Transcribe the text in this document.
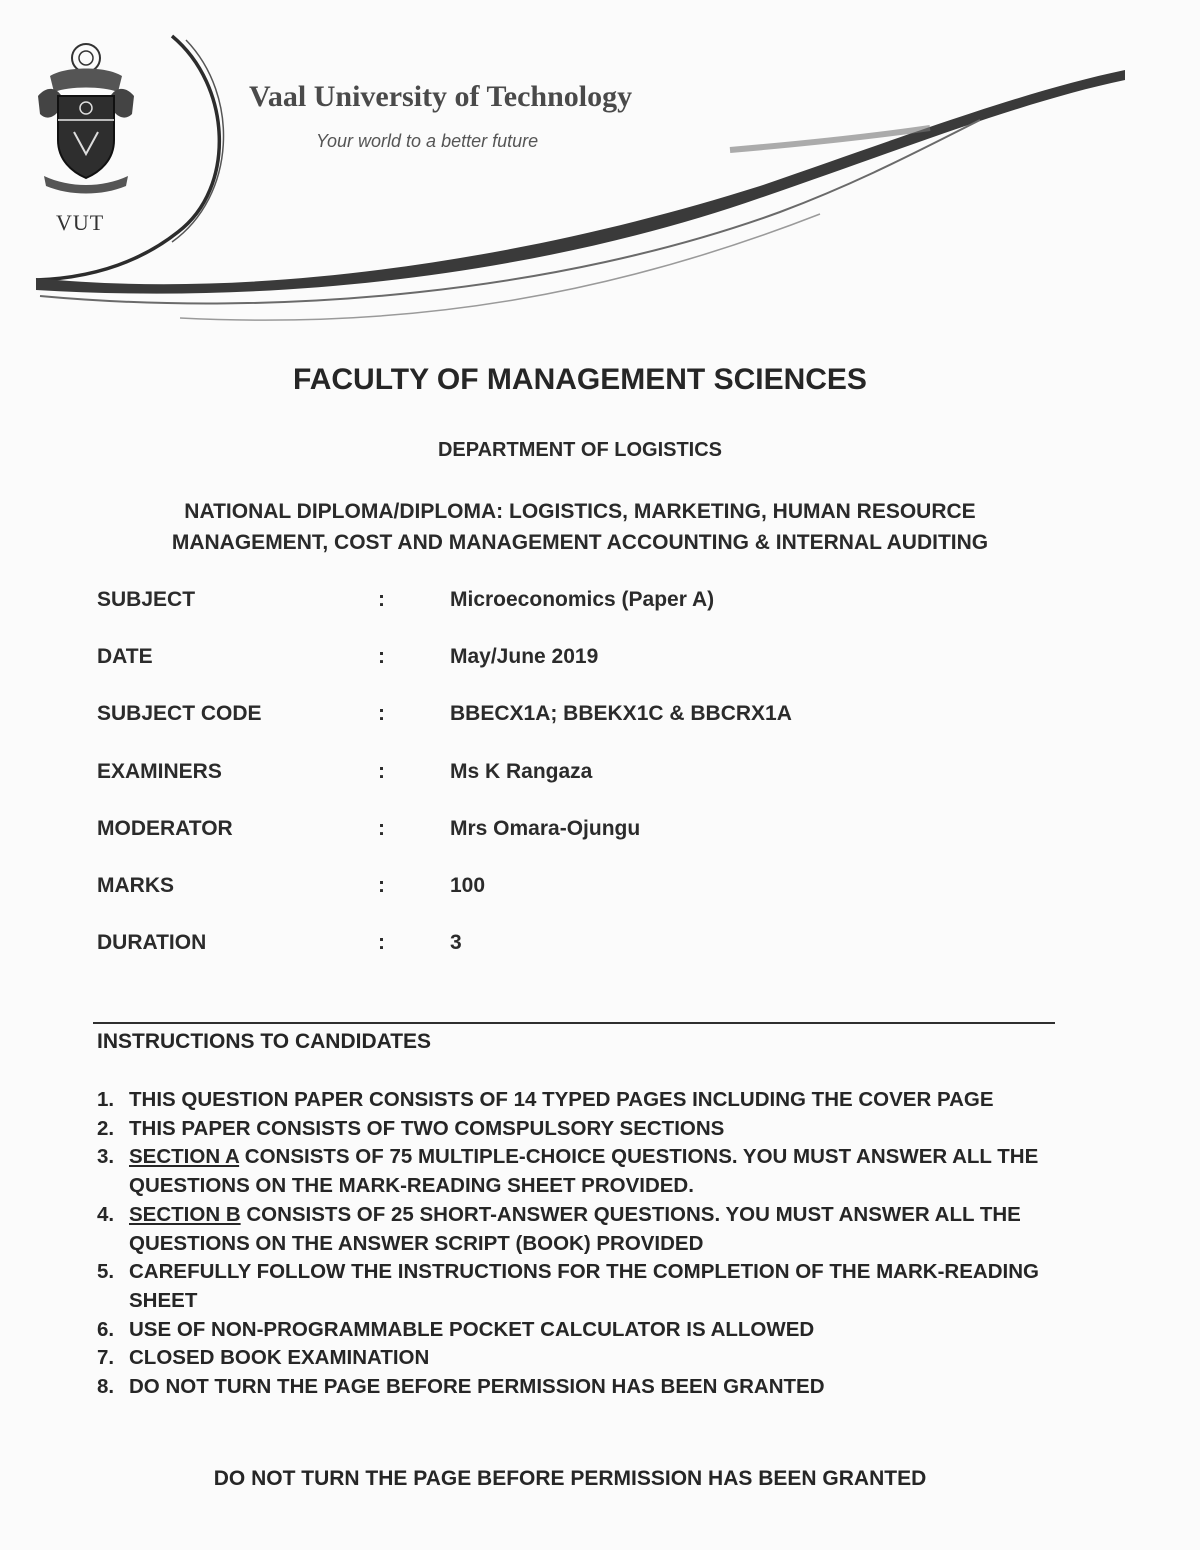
VUT
Vaal University of Technology
Your world to a better future
FACULTY OF MANAGEMENT SCIENCES
DEPARTMENT OF LOGISTICS
NATIONAL DIPLOMA/DIPLOMA: LOGISTICS, MARKETING, HUMAN RESOURCE
MANAGEMENT, COST AND MANAGEMENT ACCOUNTING & INTERNAL AUDITING
SUBJECT	:	Microeconomics (Paper A)
DATE	:	May/June 2019
SUBJECT CODE	:	BBECX1A; BBEKX1C & BBCRX1A
EXAMINERS	:	Ms K Rangaza
MODERATOR	:	Mrs Omara-Ojungu
MARKS	:	100
DURATION	:	3
INSTRUCTIONS TO CANDIDATES
1. THIS QUESTION PAPER CONSISTS OF 14 TYPED PAGES INCLUDING THE COVER PAGE
2. THIS PAPER CONSISTS OF TWO COMSPULSORY SECTIONS
3. SECTION A CONSISTS OF 75 MULTIPLE-CHOICE QUESTIONS. YOU MUST ANSWER ALL THE QUESTIONS ON THE MARK-READING SHEET PROVIDED.
4. SECTION B CONSISTS OF 25 SHORT-ANSWER QUESTIONS. YOU MUST ANSWER ALL THE QUESTIONS ON THE ANSWER SCRIPT (BOOK) PROVIDED
5. CAREFULLY FOLLOW THE INSTRUCTIONS FOR THE COMPLETION OF THE MARK-READING SHEET
6. USE OF NON-PROGRAMMABLE POCKET CALCULATOR IS ALLOWED
7. CLOSED BOOK EXAMINATION
8. DO NOT TURN THE PAGE BEFORE PERMISSION HAS BEEN GRANTED
DO NOT TURN THE PAGE BEFORE PERMISSION HAS BEEN GRANTED
